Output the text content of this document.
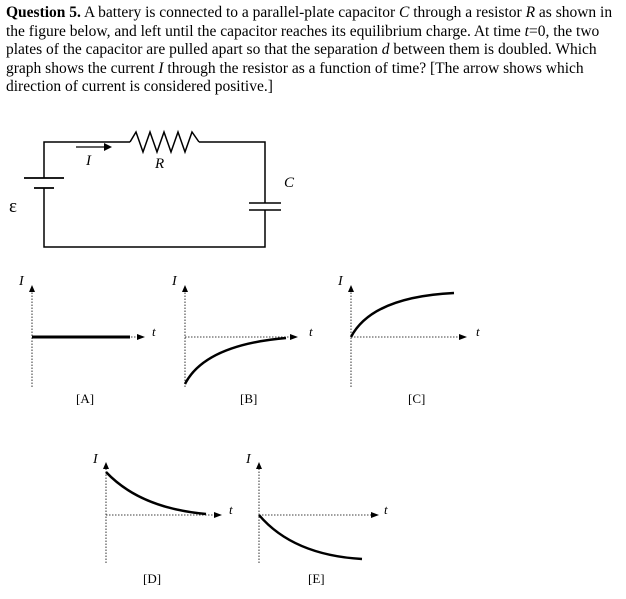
Question 5. A battery is connected to a parallel-plate capacitor C through a resistor R as shown in the figure below, and left until the capacitor reaches its equilibrium charge. At time t=0, the two plates of the capacitor are pulled apart so that the separation d between them is doubled. Which graph shows the current I through the resistor as a function of time? [The arrow shows which direction of current is considered positive.]

ε
I	R
C
I
t
[A]
I
t
[B]
I
t
[C]
I
t
[D]
I
t
[E]
